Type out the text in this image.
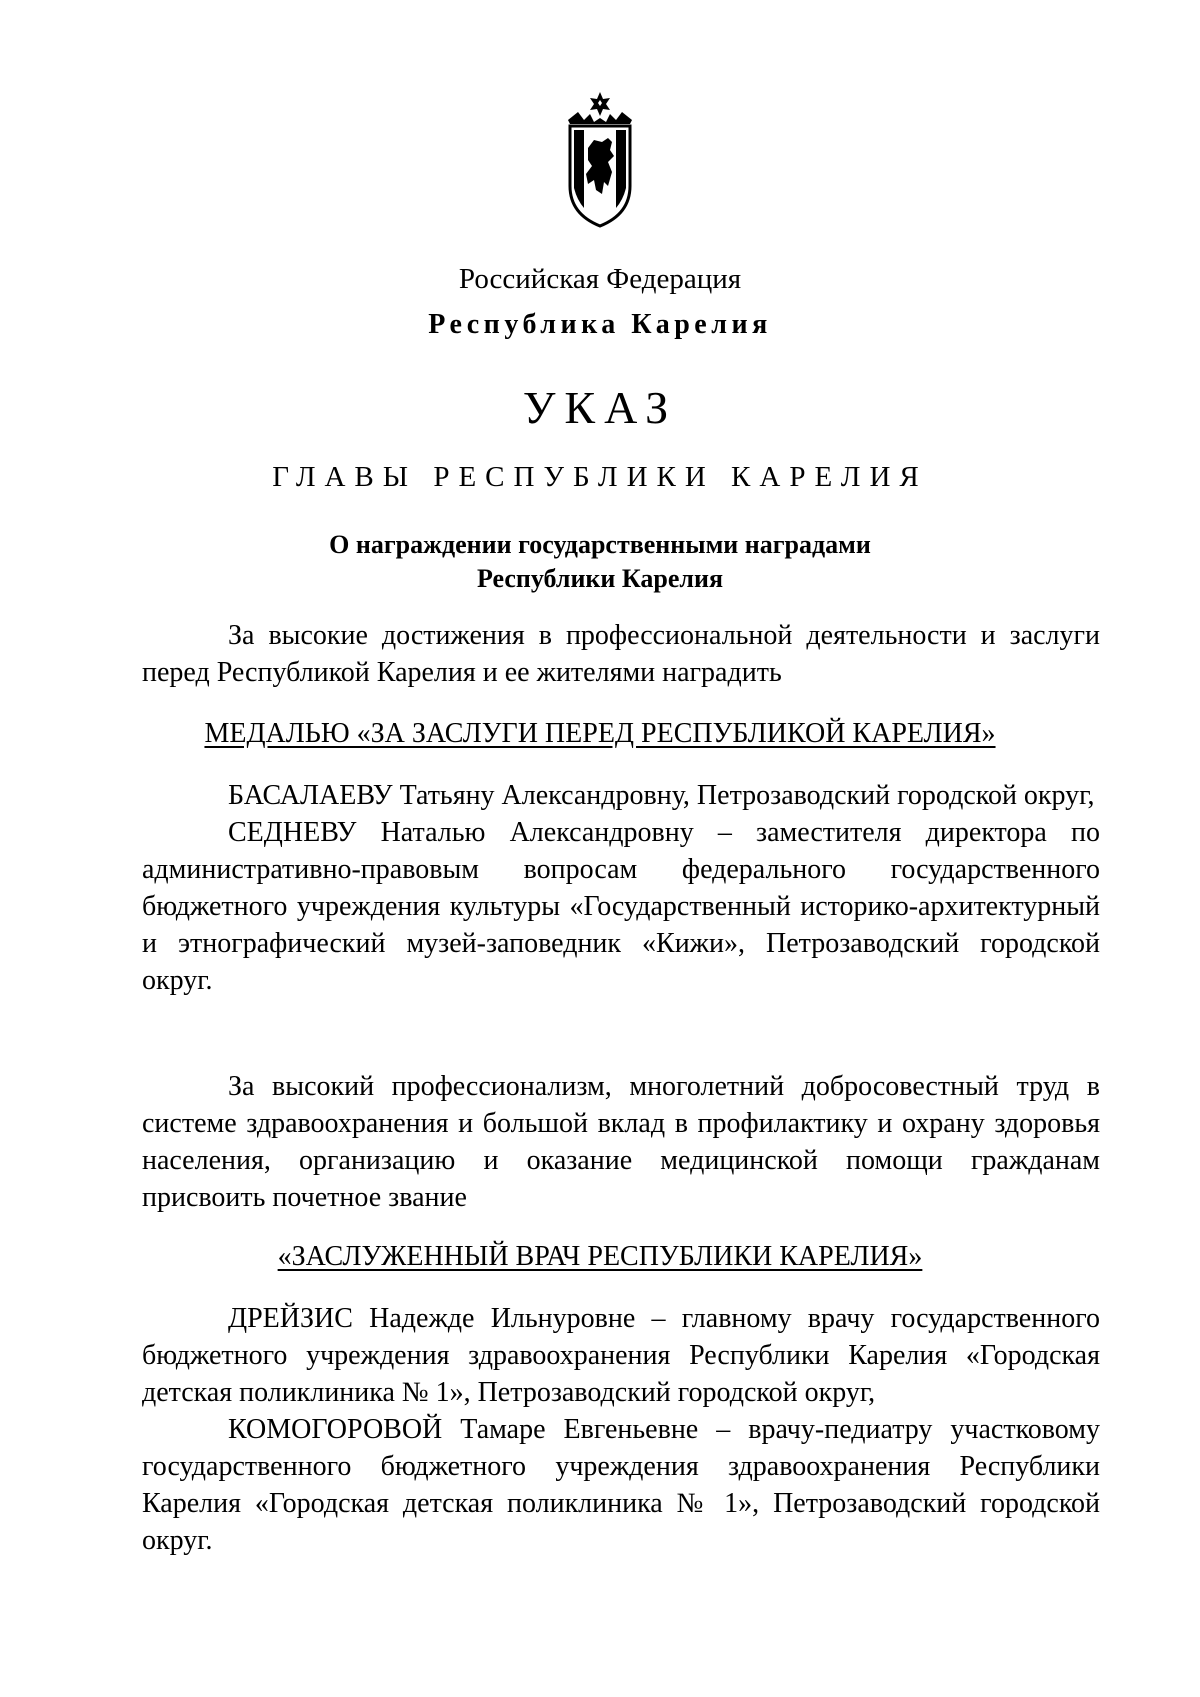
Российская Федерация
Республика Карелия
УКАЗ
ГЛАВЫ РЕСПУБЛИКИ КАРЕЛИЯ
О награждении государственными наградами
Республики Карелия

За высокие достижения в профессиональной деятельности и заслуги перед Республикой Карелия и ее жителями наградить

МЕДАЛЬЮ «ЗА ЗАСЛУГИ ПЕРЕД РЕСПУБЛИКОЙ КАРЕЛИЯ»

БАСАЛАЕВУ Татьяну Александровну, Петрозаводский городской округ,

СЕДНЕВУ Наталью Александровну – заместителя директора по административно-правовым вопросам федерального государственного бюджетного учреждения культуры «Государственный историко-архитектурный и этнографический музей-заповедник «Кижи», Петрозаводский городской округ.

За высокий профессионализм, многолетний добросовестный труд в системе здравоохранения и большой вклад в профилактику и охрану здоровья населения, организацию и оказание медицинской помощи гражданам присвоить почетное звание

«ЗАСЛУЖЕННЫЙ ВРАЧ РЕСПУБЛИКИ КАРЕЛИЯ»

ДРЕЙЗИС Надежде Ильнуровне – главному врачу государственного бюджетного учреждения здравоохранения Республики Карелия «Городская детская поликлиника № 1», Петрозаводский городской округ,

КОМОГОРОВОЙ Тамаре Евгеньевне – врачу-педиатру участковому государственного бюджетного учреждения здравоохранения Республики Карелия «Городская детская поликлиника № 1», Петрозаводский городской округ.
